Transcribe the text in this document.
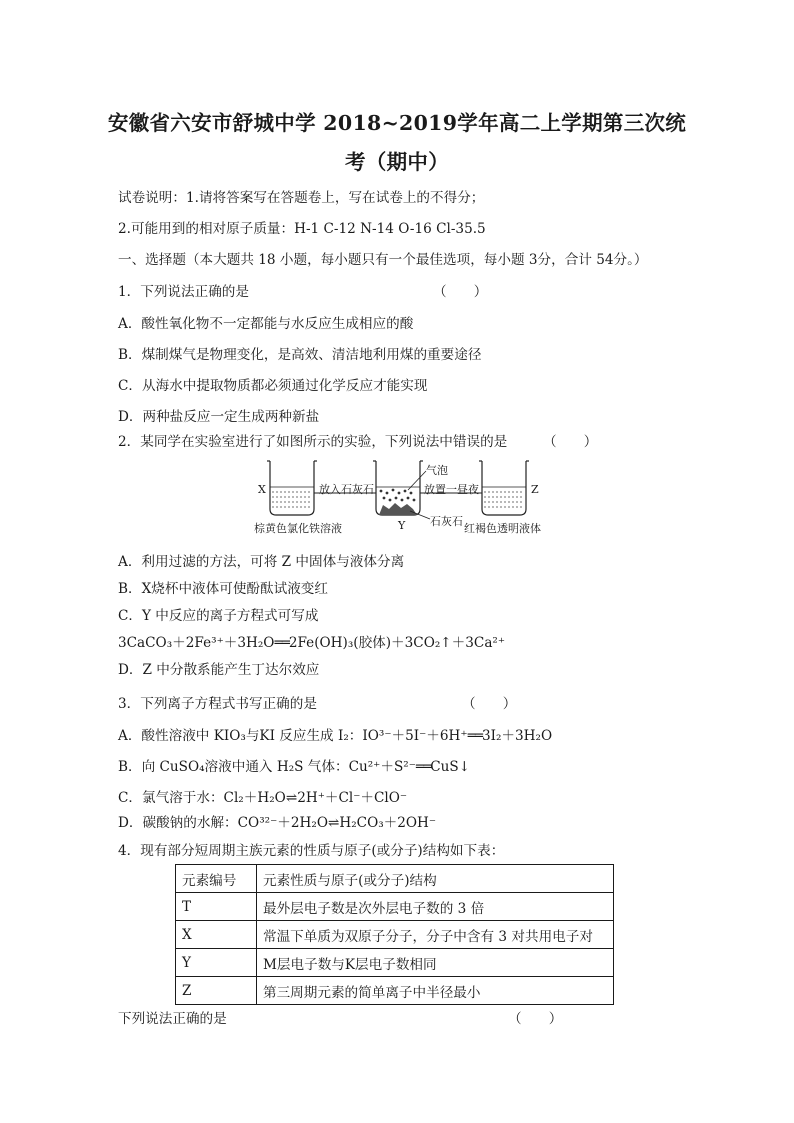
安徽省六安市舒城中学 2018~2019学年高二上学期第三次统
考（期中）
试卷说明：1.请将答案写在答题卷上，写在试卷上的不得分；
2.可能用到的相对原子质量：H-1 C-12 N-14 O-16 Cl-35.5
一、选择题（本大题共 18 小题，每小题只有一个最佳选项，每小题 3分，合计 54分。）
1．下列说法正确的是	（　　）
A．酸性氧化物不一定都能与水反应生成相应的酸
B．煤制煤气是物理变化，是高效、清洁地利用煤的重要途径
C．从海水中提取物质都必须通过化学反应才能实现
D．两种盐反应一定生成两种新盐
2．某同学在实验室进行了如图所示的实验，下列说法中错误的是	（　　）
X	放入石灰石
气泡
放置一昼夜	Z
Y 石灰石
棕黄色氯化铁溶液	红褐色透明液体
A．利用过滤的方法，可将 Z 中固体与液体分离
B．X烧杯中液体可使酚酞试液变红
C．Y 中反应的离子方程式可写成
3CaCO₃＋2Fe³⁺＋3H₂O══2Fe(OH)₃(胶体)＋3CO₂↑＋3Ca²⁺
D．Z 中分散系能产生丁达尔效应
3．下列离子方程式书写正确的是	（　　）
A．酸性溶液中 KIO₃与KI 反应生成 I₂：IO³⁻＋5I⁻＋6H⁺══3I₂＋3H₂O
B．向 CuSO₄溶液中通入 H₂S 气体：Cu²⁺＋S²⁻══CuS↓
C．氯气溶于水：Cl₂＋H₂O⇌2H⁺＋Cl⁻＋ClO⁻
D．碳酸钠的水解：CO³²⁻＋2H₂O⇌H₂CO₃＋2OH⁻
4．现有部分短周期主族元素的性质与原子(或分子)结构如下表：
元素编号	元素性质与原子(或分子)结构
T	最外层电子数是次外层电子数的 3 倍
X	常温下单质为双原子分子，分子中含有 3 对共用电子对
Y	M层电子数与K层电子数相同
Z	第三周期元素的简单离子中半径最小
下列说法正确的是	（　　）
